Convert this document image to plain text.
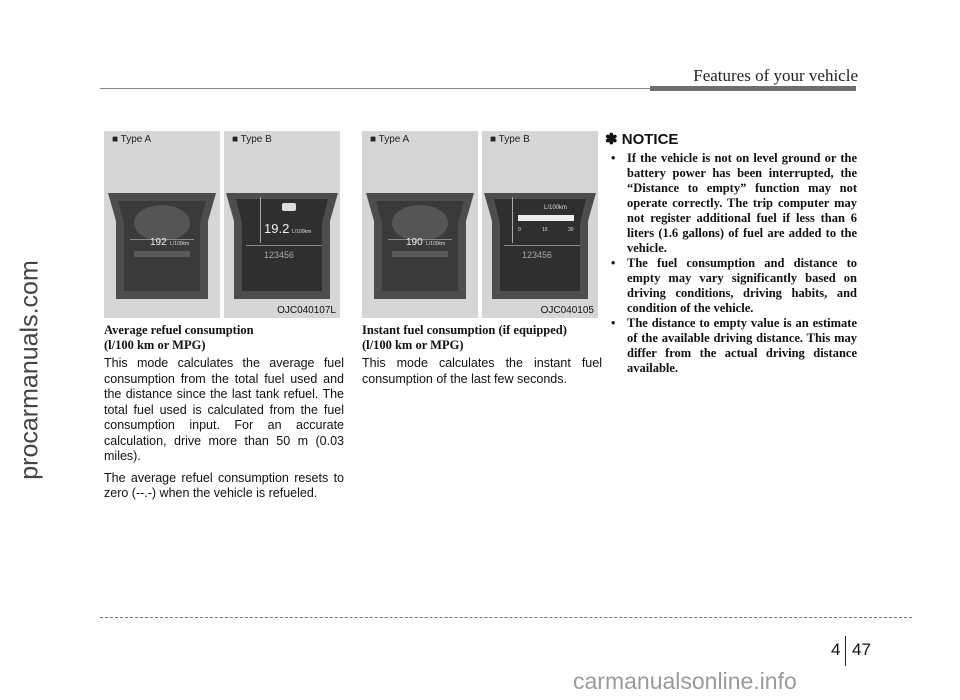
Features of your vehicle
procarmanuals.com
192 L/100km
■ Type A
19.2 L/100km
123456
■ Type B
OJC040107L
190 L/100km
■ Type A
L/100km
0	10	30
123456
■ Type B
OJC040105
Average refuel consumption
(l/100 km or MPG)

This mode calculates the average fuel consumption from the total fuel used and the distance since the last tank refuel. The total fuel used is calculated from the fuel consumption input. For an accurate calculation, drive more than 50 m (0.03 miles).

The average refuel consumption resets to zero (--.-) when the vehicle is refueled.

Instant fuel consumption (if equipped)
(l/100 km or MPG)

This mode calculates the instant fuel consumption of the last few seconds.

✽ NOTICE
• If the vehicle is not on level ground or the battery power has been interrupted, the “Distance to empty” function may not operate correctly. The trip computer may not register additional fuel if less than 6 liters (1.6 gallons) of fuel are added to the vehicle.
• The fuel consumption and distance to empty may vary significantly based on driving conditions, driving habits, and condition of the vehicle.
• The distance to empty value is an estimate of the available driving distance. This may differ from the actual driving distance available.
4 47
carmanualsonline.info
